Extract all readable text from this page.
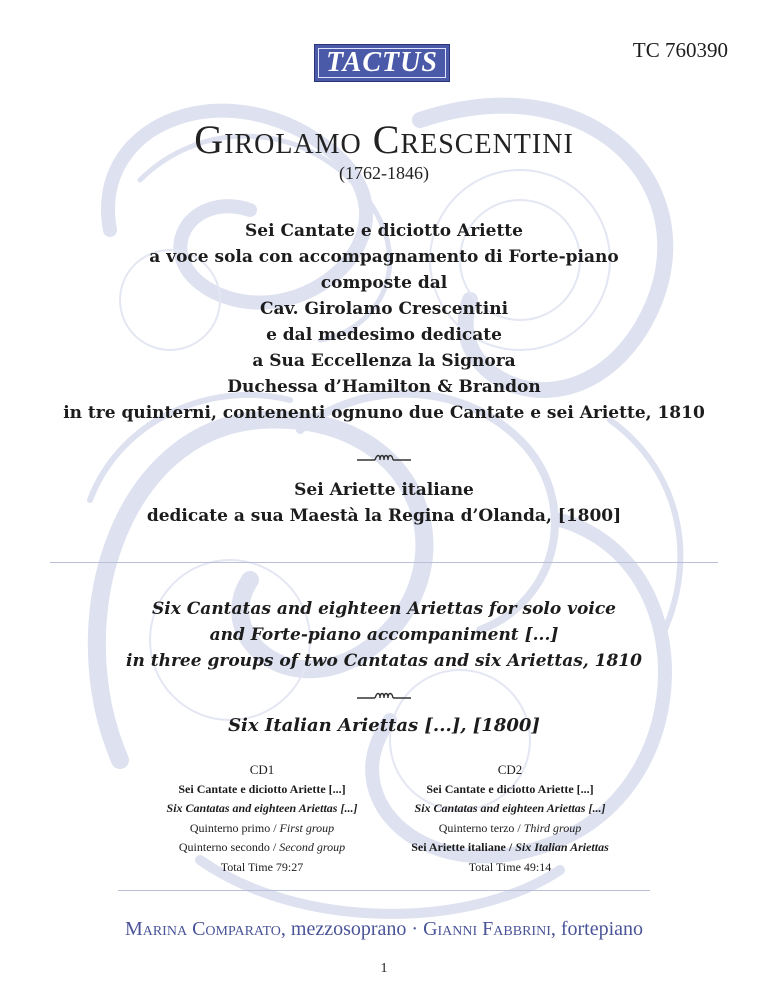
TACTUS	TC 760390
Girolamo Crescentini
(1762-1846)
Sei Cantate e diciotto Ariette
a voce sola con accompagnamento di Forte-piano
composte dal
Cav. Girolamo Crescentini
e dal medesimo dedicate
a Sua Eccellenza la Signora
Duchessa d’Hamilton & Brandon
in tre quinterni, contenenti ognuno due Cantate e sei Ariette, 1810
Sei Ariette italiane
dedicate a sua Maestà la Regina d’Olanda, [1800]
Six Cantatas and eighteen Ariettas for solo voice
and Forte-piano accompaniment [...]
in three groups of two Cantatas and six Ariettas, 1810
Six Italian Ariettas [...], [1800]
CD1
Sei Cantate e diciotto Ariette [...]
Six Cantatas and eighteen Ariettas [...]
Quinterno primo / First group
Quinterno secondo / Second group
Total Time 79:27
CD2
Sei Cantate e diciotto Ariette [...]
Six Cantatas and eighteen Ariettas [...]
Quinterno terzo / Third group
Sei Ariette italiane / Six Italian Ariettas
Total Time 49:14
Marina Comparato, mezzosoprano · Gianni Fabbrini, fortepiano
1
